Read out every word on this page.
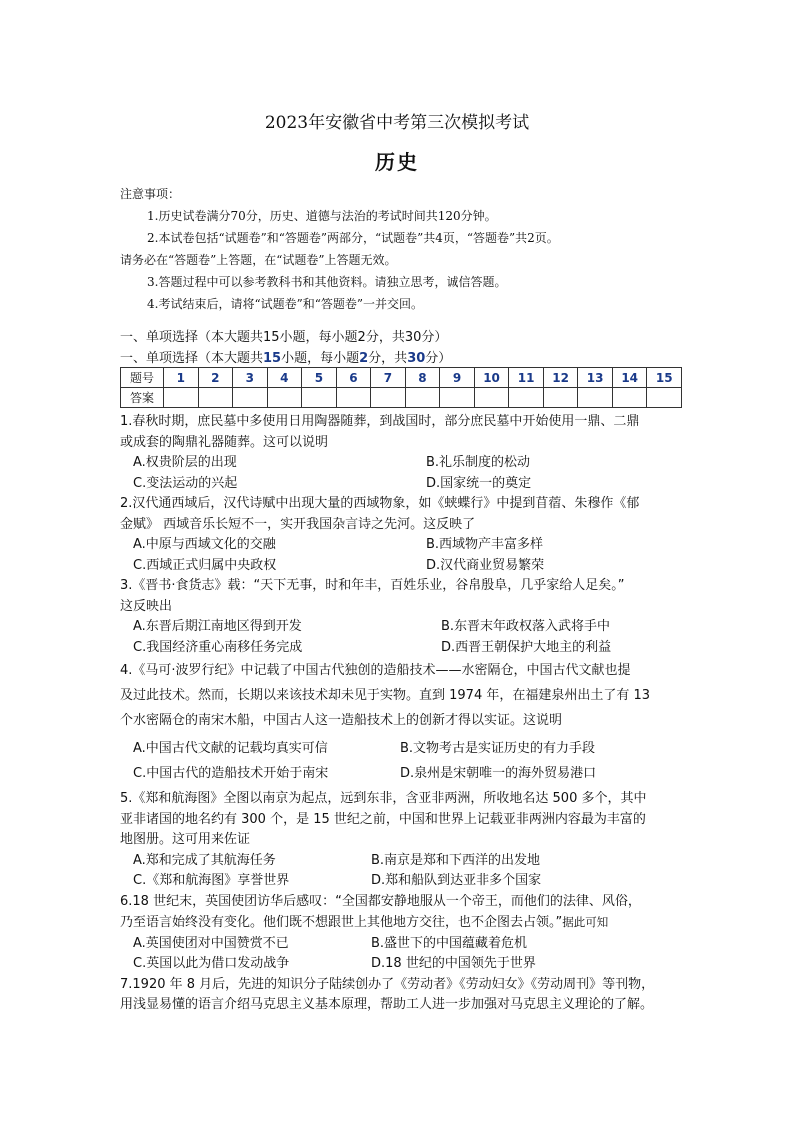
2023年安徽省中考第三次模拟考试
历史

注意事项：

1.历史试卷满分70分，历史、道德与法治的考试时间共120分钟。

2.本试卷包括“试题卷”和“答题卷”两部分，“试题卷”共4页，“答题卷”共2页。

请务必在“答题卷”上答题，在“试题卷”上答题无效。

3.答题过程中可以参考教科书和其他资料。请独立思考，诚信答题。

4.考试结束后，请将“试题卷”和“答题卷”一并交回。

一、单项选择（本大题共15小题，每小题2分，共30分）
一、单项选择（本大题共15小题，每小题2分，共30分）
题号	1	2	3	4	5	6	7	8	9	10	11	12	13	14	15
答案															
1.春秋时期，庶民墓中多使用日用陶器随葬，到战国时，部分庶民墓中开始使用一鼎、二鼎
或成套的陶鼎礼器随葬。这可以说明
A.权贵阶层的出现	B.礼乐制度的松动
C.变法运动的兴起	D.国家统一的奠定
2.汉代通西域后，汉代诗赋中出现大量的西域物象，如《蛱蝶行》中提到苜蓿、朱穆作《郁
金赋》 西域音乐长短不一，实开我国杂言诗之先河。这反映了
A.中原与西域文化的交融	B.西域物产丰富多样
C.西域正式归属中央政权	D.汉代商业贸易繁荣
3.《晋书·食货志》载：“天下无事，时和年丰，百姓乐业，谷帛殷阜，几乎家给人足矣。”
这反映出
A.东晋后期江南地区得到开发	B.东晋末年政权落入武将手中
C.我国经济重心南移任务完成	D.西晋王朝保护大地主的利益
4.《马可·波罗行纪》中记载了中国古代独创的造船技术——水密隔仓，中国古代文献也提
及过此技术。然而，长期以来该技术却未见于实物。直到 1974 年，在福建泉州出土了有 13
个水密隔仓的南宋木船，中国古人这一造船技术上的创新才得以实证。这说明
A.中国古代文献的记载均真实可信	B.文物考古是实证历史的有力手段
C.中国古代的造船技术开始于南宋	D.泉州是宋朝唯一的海外贸易港口
5.《郑和航海图》全图以南京为起点，远到东非，含亚非两洲，所收地名达 500 多个，其中
亚非诸国的地名约有 300 个，是 15 世纪之前，中国和世界上记载亚非两洲内容最为丰富的
地图册。这可用来佐证
A.郑和完成了其航海任务	B.南京是郑和下西洋的出发地
C.《郑和航海图》享誉世界	D.郑和船队到达亚非多个国家
6.18 世纪末，英国使团访华后感叹：“全国都安静地服从一个帝王，而他们的法律、风俗，
乃至语言始终没有变化。他们既不想跟世上其他地方交往，也不企图去占领。”据此可知
A.英国使团对中国赞赏不已	B.盛世下的中国蕴藏着危机
C.英国以此为借口发动战争	D.18 世纪的中国领先于世界
7.1920 年 8 月后，先进的知识分子陆续创办了《劳动者》《劳动妇女》《劳动周刊》等刊物，
用浅显易懂的语言介绍马克思主义基本原理，帮助工人进一步加强对马克思主义理论的了解。
